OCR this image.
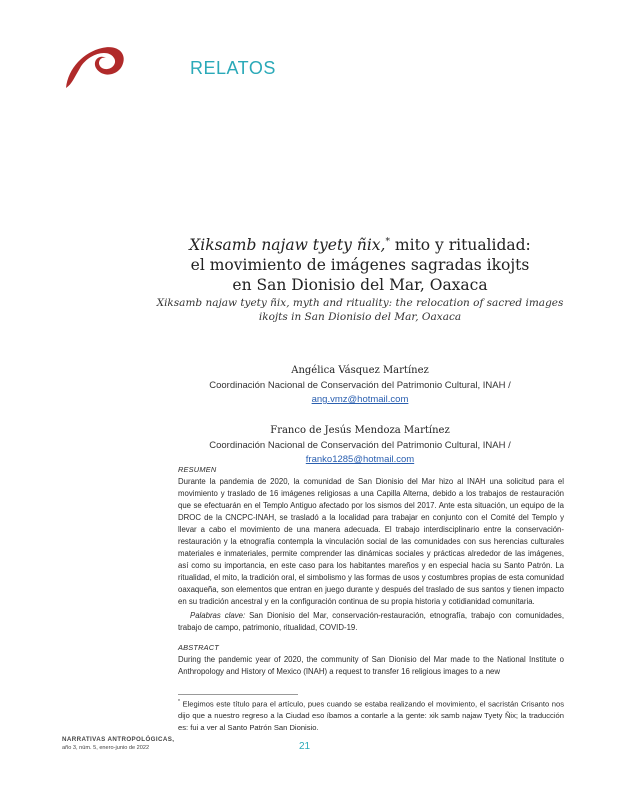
RELATOS
Xiksamb najaw tyety ñix,* mito y ritualidad:
el movimiento de imágenes sagradas ikojts
en San Dionisio del Mar, Oaxaca
Xiksamb najaw tyety ñix, myth and rituality: the relocation of sacred images
ikojts in San Dionisio del Mar, Oaxaca
Angélica Vásquez Martínez
Coordinación Nacional de Conservación del Patrimonio Cultural, INAH /
ang.vmz@hotmail.com
Franco de Jesús Mendoza Martínez
Coordinación Nacional de Conservación del Patrimonio Cultural, INAH /
franko1285@hotmail.com
RESUMEN
Durante la pandemia de 2020, la comunidad de San Dionisio del Mar hizo al INAH una solicitud para el movimiento y traslado de 16 imágenes religiosas a una Capilla Alterna, debido a los trabajos de restauración que se efectuarán en el Templo Antiguo afectado por los sismos del 2017. Ante esta situación, un equipo de la DROC de la CNCPC-INAH, se trasladó a la localidad para trabajar en conjunto con el Comité del Templo y llevar a cabo el movimiento de una manera adecuada. El trabajo interdisciplinario entre la conservación-restauración y la etnografía contempla la vinculación social de las comunidades con sus herencias culturales materiales e inmateriales, permite comprender las dinámicas sociales y prácticas alrededor de las imágenes, así como su importancia, en este caso para los habitantes mareños y en especial hacia su Santo Patrón. La ritualidad, el mito, la tradición oral, el simbolismo y las formas de usos y costumbres propias de esta comunidad oaxaqueña, son elementos que entran en juego durante y después del traslado de sus santos y tienen impacto en su tradición ancestral y en la configuración continua de su propia historia y cotidianidad comunitaria.
Palabras clave: San Dionisio del Mar, conservación-restauración, etnografía, trabajo con comunidades, trabajo de campo, patrimonio, ritualidad, COVID-19.
ABSTRACT
During the pandemic year of 2020, the community of San Dionisio del Mar made to the National Institute o Anthropology and History of Mexico (INAH) a request to transfer 16 religious images to a new
* Elegimos este título para el artículo, pues cuando se estaba realizando el movimiento, el sacristán Crisanto nos dijo que a nuestro regreso a la Ciudad eso íbamos a contarle a la gente: xik samb najaw Tyety Ñix; la traducción es: fui a ver al Santo Patrón San Dionisio.
NARRATIVAS ANTROPOLÓGICAS,
año 3, núm. 5, enero-junio de 2022	21
